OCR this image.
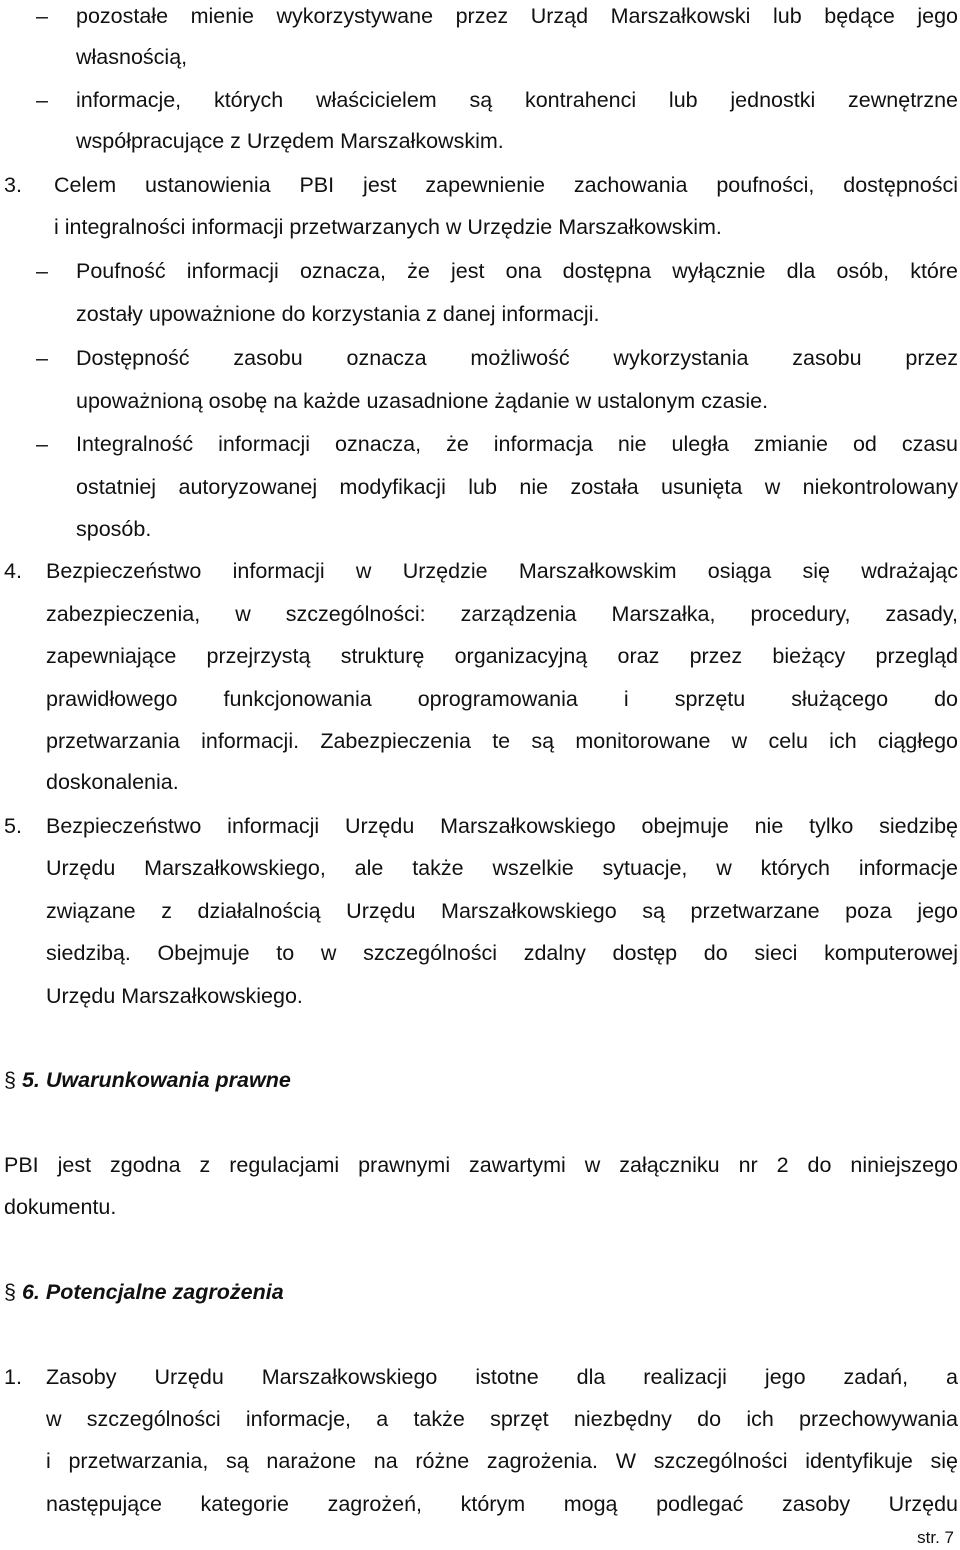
– pozostałe mienie wykorzystywane przez Urząd Marszałkowski lub będące jego
własnością,
– informacje, których właścicielem są kontrahenci lub jednostki zewnętrzne
współpracujące z Urzędem Marszałkowskim.
3. Celem ustanowienia PBI jest zapewnienie zachowania poufności, dostępności
i integralności informacji przetwarzanych w Urzędzie Marszałkowskim.
– Poufność informacji oznacza, że jest ona dostępna wyłącznie dla osób, które
zostały upoważnione do korzystania z danej informacji.
– Dostępność zasobu oznacza możliwość wykorzystania zasobu przez
upoważnioną osobę na każde uzasadnione żądanie w ustalonym czasie.
– Integralność informacji oznacza, że informacja nie uległa zmianie od czasu
ostatniej autoryzowanej modyfikacji lub nie została usunięta w niekontrolowany
sposób.
4. Bezpieczeństwo informacji w Urzędzie Marszałkowskim osiąga się wdrażając
zabezpieczenia, w szczególności: zarządzenia Marszałka, procedury, zasady,
zapewniające przejrzystą strukturę organizacyjną oraz przez bieżący przegląd
prawidłowego funkcjonowania oprogramowania i sprzętu służącego do
przetwarzania informacji. Zabezpieczenia te są monitorowane w celu ich ciągłego
doskonalenia.
5. Bezpieczeństwo informacji Urzędu Marszałkowskiego obejmuje nie tylko siedzibę
Urzędu Marszałkowskiego, ale także wszelkie sytuacje, w których informacje
związane z działalnością Urzędu Marszałkowskiego są przetwarzane poza jego
siedzibą. Obejmuje to w szczególności zdalny dostęp do sieci komputerowej
Urzędu Marszałkowskiego.
§ 5. Uwarunkowania prawne
PBI jest zgodna z regulacjami prawnymi zawartymi w załączniku nr 2 do niniejszego
dokumentu.
§ 6. Potencjalne zagrożenia
1. Zasoby Urzędu Marszałkowskiego istotne dla realizacji jego zadań, a
w szczególności informacje, a także sprzęt niezbędny do ich przechowywania
i przetwarzania, są narażone na różne zagrożenia. W szczególności identyfikuje się
następujące kategorie zagrożeń, którym mogą podlegać zasoby Urzędu
str. 7
